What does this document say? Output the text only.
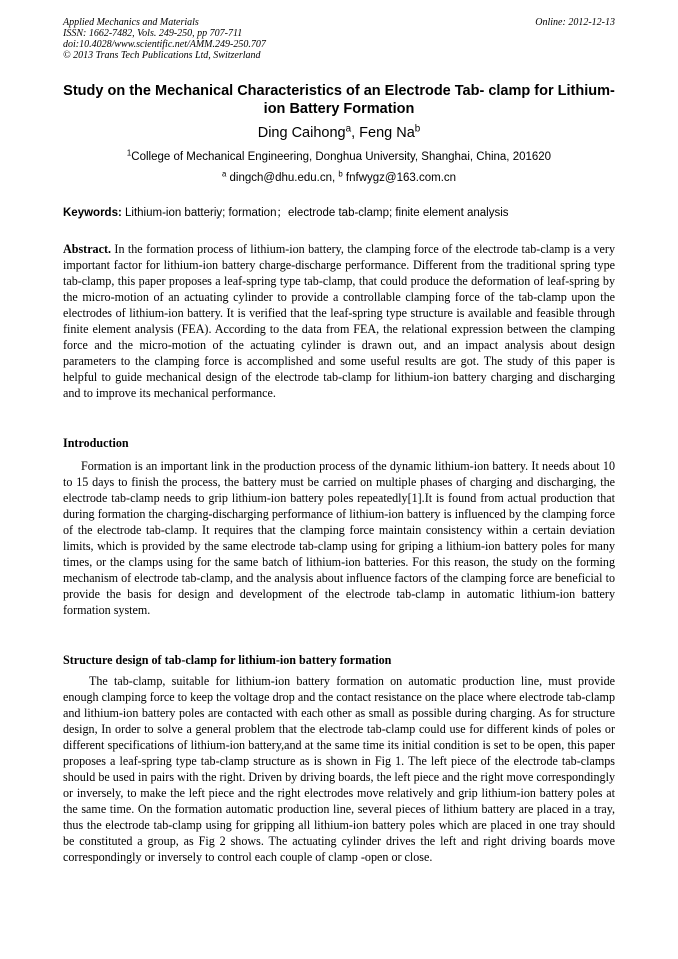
Applied Mechanics and Materials
ISSN: 1662-7482, Vols. 249-250, pp 707-711
doi:10.4028/www.scientific.net/AMM.249-250.707
© 2013 Trans Tech Publications Ltd, Switzerland
Online: 2012-12-13
Study on the Mechanical Characteristics of an Electrode Tab- clamp for Lithium-ion Battery Formation
Ding Caihong$^a$, Feng Na$^b$
$^1$College of Mechanical Engineering, Donghua University, Shanghai, China, 201620
$^a$ dingch@dhu.edu.cn, $^b$ fnfwygz@163.com.cn
Keywords: Lithium-ion batteriy; formation；electrode tab-clamp; finite element analysis
Abstract. In the formation process of lithium-ion battery, the clamping force of the electrode tab-clamp is a very important factor for lithium-ion battery charge-discharge performance. Different from the traditional spring type tab-clamp, this paper proposes a leaf-spring type tab-clamp, that could produce the deformation of leaf-spring by the micro-motion of an actuating cylinder to provide a controllable clamping force of the tab-clamp upon the electrodes of lithium-ion battery. It is verified that the leaf-spring type structure is available and feasible through finite element analysis (FEA). According to the data from FEA, the relational expression between the clamping force and the micro-motion of the actuating cylinder is drawn out, and an impact analysis about design parameters to the clamping force is accomplished and some useful results are got. The study of this paper is helpful to guide mechanical design of the electrode tab-clamp for lithium-ion battery charging and discharging and to improve its mechanical performance.
Introduction
Formation is an important link in the production process of the dynamic lithium-ion battery. It needs about 10 to 15 days to finish the process, the battery must be carried on multiple phases of charging and discharging, the electrode tab-clamp needs to grip lithium-ion battery poles repeatedly[1].It is found from actual production that during formation the charging-discharging performance of lithium-ion battery is influenced by the clamping force of the electrode tab-clamp. It requires that the clamping force maintain consistency within a certain deviation limits, which is provided by the same electrode tab-clamp using for griping a lithium-ion battery poles for many times, or the clamps using for the same batch of lithium-ion batteries. For this reason, the study on the forming mechanism of electrode tab-clamp, and the analysis about influence factors of the clamping force are beneficial to provide the basis for design and development of the electrode tab-clamp in automatic lithium-ion battery formation system.
Structure design of tab-clamp for lithium-ion battery formation
The tab-clamp, suitable for lithium-ion battery formation on automatic production line, must provide enough clamping force to keep the voltage drop and the contact resistance on the place where electrode tab-clamp and lithium-ion battery poles are contacted with each other as small as possible during charging. As for structure design, In order to solve a general problem that the electrode tab-clamp could use for different kinds of poles or different specifications of lithium-ion battery,and at the same time its initial condition is set to be open, this paper proposes a leaf-spring type tab-clamp structure as is shown in Fig 1. The left piece of the electrode tab-clamps should be used in pairs with the right. Driven by driving boards, the left piece and the right move correspondingly or inversely, to make the left piece and the right electrodes move relatively and grip lithium-ion battery poles at the same time. On the formation automatic production line, several pieces of lithium battery are placed in a tray, thus the electrode tab-clamp using for gripping all lithium-ion battery poles which are placed in one tray should be constituted a group, as Fig 2 shows. The actuating cylinder drives the left and right driving boards move correspondingly or inversely to control each couple of clamp -open or close.
